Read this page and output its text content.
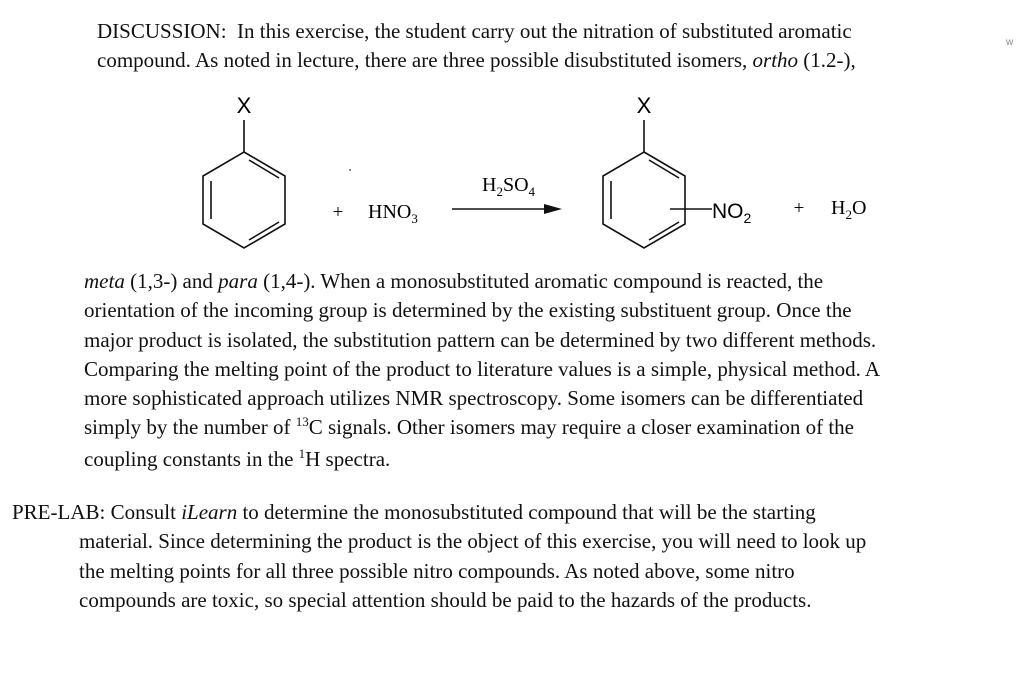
DISCUSSION: In this exercise, the student carry out the nitration of substituted aromatic
compound. As noted in lecture, there are three possible disubstituted isomers, ortho (1.2-),
X
+ $HNO_3$
$H_2SO_4$
X
$NO_2 + H_2O$
meta (1,3-) and para (1,4-). When a monosubstituted aromatic compound is reacted, the
orientation of the incoming group is determined by the existing substituent group. Once the
major product is isolated, the substitution pattern can be determined by two different methods.
Comparing the melting point of the product to literature values is a simple, physical method. A
more sophisticated approach utilizes NMR spectroscopy. Some isomers can be differentiated
simply by the number of $^{13}$C signals. Other isomers may require a closer examination of the
coupling constants in the $^1$H spectra.
PRE-LAB: Consult iLearn to determine the monosubstituted compound that will be the starting
material. Since determining the product is the object of this exercise, you will need to look up
the melting points for all three possible nitro compounds. As noted above, some nitro
compounds are toxic, so special attention should be paid to the hazards of the products.
w
